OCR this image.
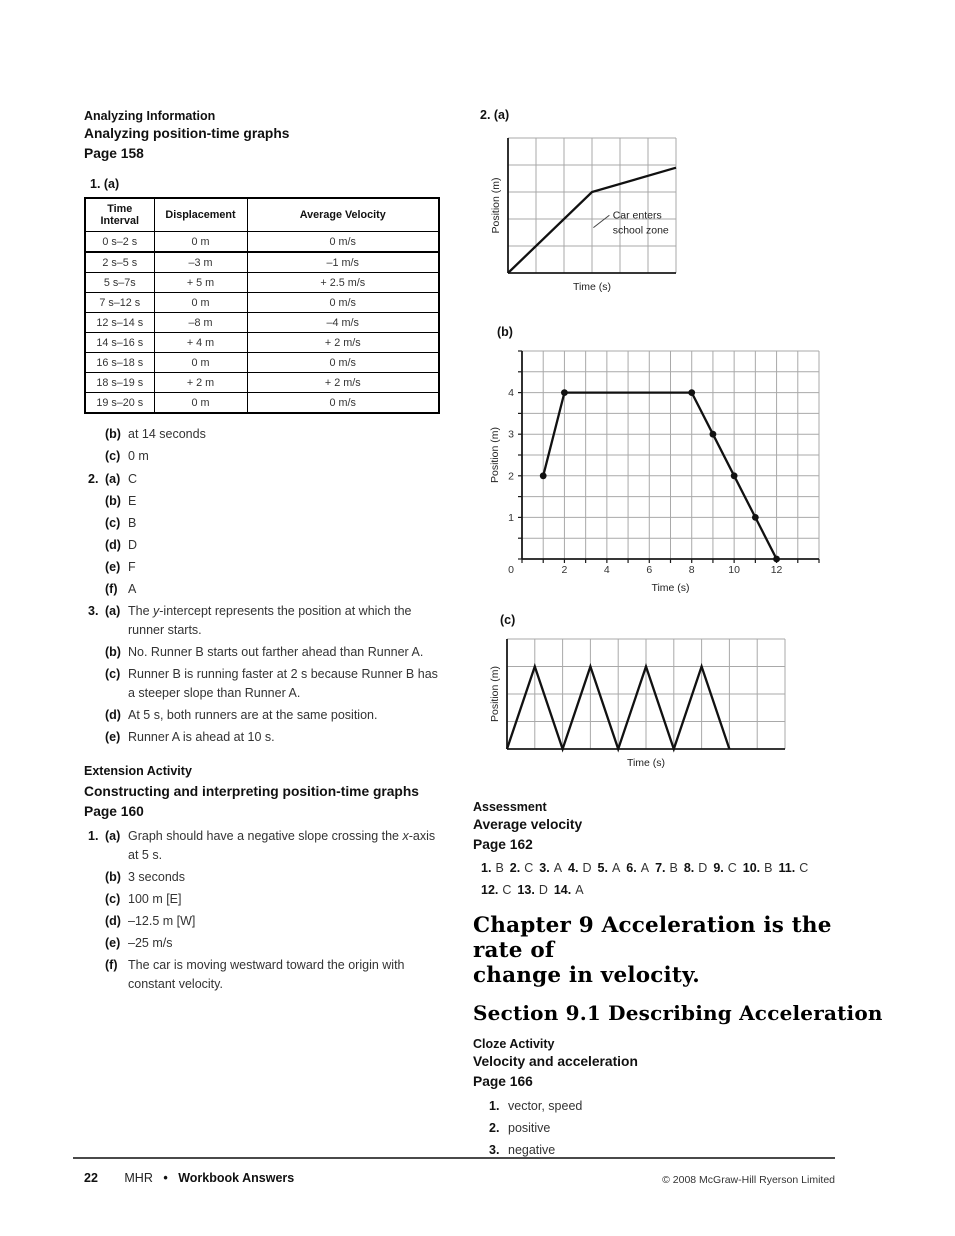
Analyzing Information
Analyzing position-time graphs
Page 158
1. (a)
Time Interval	Displacement	Average Velocity
0 s–2 s	0 m	0 m/s
2 s–5 s	–3 m	–1 m/s
5 s–7s	+ 5 m	+ 2.5 m/s
7 s–12 s	0 m	0 m/s
12 s–14 s	–8 m	–4 m/s
14 s–16 s	+ 4 m	+ 2 m/s
16 s–18 s	0 m	0 m/s
18 s–19 s	+ 2 m	+ 2 m/s
19 s–20 s	0 m	0 m/s
(b) at 14 seconds
(c) 0 m
2. (a) C
(b) E
(c) B
(d) D
(e) F
(f) A
3. (a) The y-intercept represents the position at which the runner starts.
(b) No. Runner B starts out farther ahead than Runner A.
(c) Runner B is running faster at 2 s because Runner B has a steeper slope than Runner A.
(d) At 5 s, both runners are at the same position.
(e) Runner A is ahead at 10 s.
Extension Activity
Constructing and interpreting position-time graphs
Page 160
1. (a) Graph should have a negative slope crossing the x-axis at 5 s.
(b) 3 seconds
(c) 100 m [E]
(d) –12.5 m [W]
(e) –25 m/s
(f) The car is moving westward toward the origin with constant velocity.
2. (a)
Car enters
school zone
Time (s)
Position (m)
(b)
0	2	4	6	8	10	12
1
2
3
4
Time (s)
Position (m)
(c)
Time (s)
Position (m)
Assessment
Average velocity
Page 162
1. B 2. C 3. A 4. D 5. A 6. A 7. B 8. D 9. C 10. B 11. C
12. C 13. D 14. A
Chapter 9 Acceleration is the rate of
change in velocity.
Section 9.1 Describing Acceleration
Cloze Activity
Velocity and acceleration
Page 166
1. vector, speed
2. positive
3. negative
22 MHR • Workbook Answers	© 2008 McGraw-Hill Ryerson Limited
